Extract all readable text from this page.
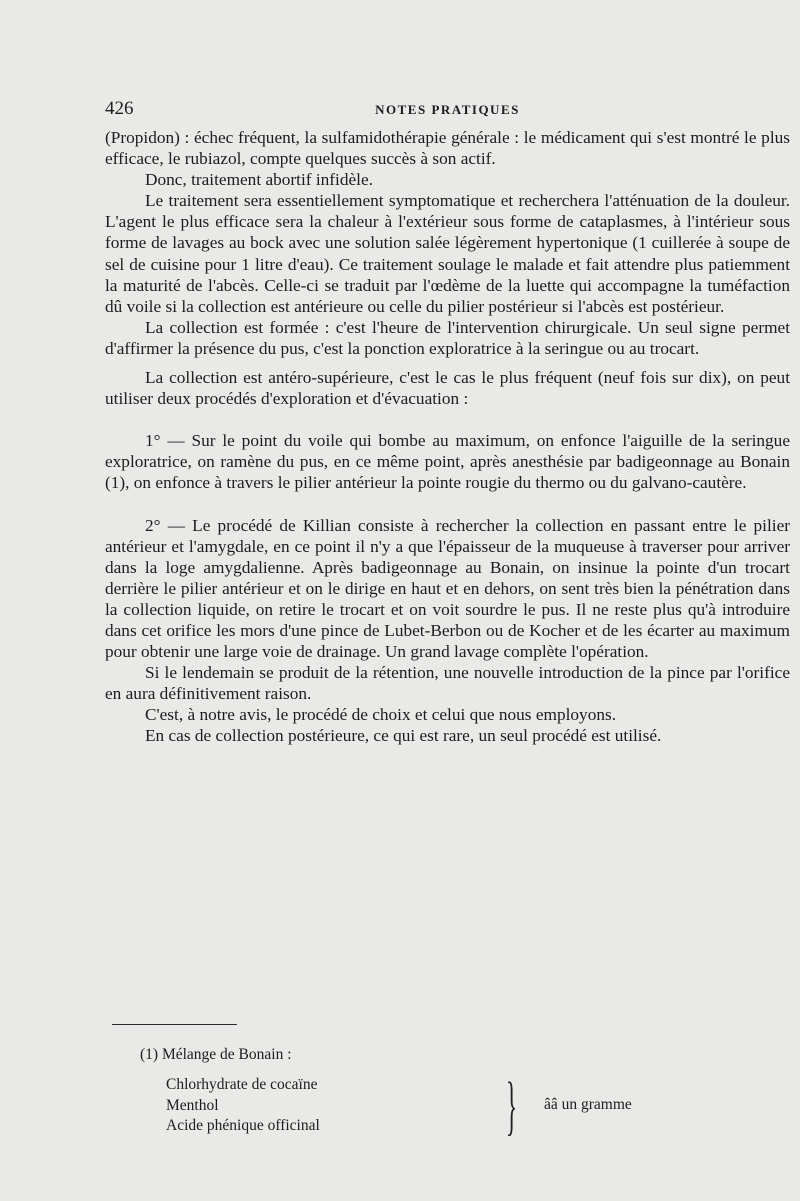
426	NOTES PRATIQUES

(Propidon) : échec fréquent, la sulfamidothérapie générale : le médicament qui s'est montré le plus efficace, le rubiazol, compte quelques succès à son actif.

Donc, traitement abortif infidèle.

Le traitement sera essentiellement symptomatique et recherchera l'atténuation de la douleur. L'agent le plus efficace sera la chaleur à l'extérieur sous forme de cataplasmes, à l'intérieur sous forme de lavages au bock avec une solution salée légèrement hypertonique (1 cuillerée à soupe de sel de cuisine pour 1 litre d'eau). Ce traitement soulage le malade et fait attendre plus patiemment la maturité de l'abcès. Celle-ci se traduit par l'œdème de la luette qui accompagne la tuméfaction dû voile si la collection est antérieure ou celle du pilier postérieur si l'abcès est postérieur.

La collection est formée : c'est l'heure de l'intervention chirurgicale. Un seul signe permet d'affirmer la présence du pus, c'est la ponction exploratrice à la seringue ou au trocart.

La collection est antéro-supérieure, c'est le cas le plus fréquent (neuf fois sur dix), on peut utiliser deux procédés d'exploration et d'évacuation :

1° — Sur le point du voile qui bombe au maximum, on enfonce l'aiguille de la seringue exploratrice, on ramène du pus, en ce même point, après anesthésie par badigeonnage au Bonain (1), on enfonce à travers le pilier antérieur la pointe rougie du thermo ou du galvano-cautère.

2° — Le procédé de Killian consiste à rechercher la collection en passant entre le pilier antérieur et l'amygdale, en ce point il n'y a que l'épaisseur de la muqueuse à traverser pour arriver dans la loge amygdalienne. Après badigeonnage au Bonain, on insinue la pointe d'un trocart derrière le pilier antérieur et on le dirige en haut et en dehors, on sent très bien la pénétration dans la collection liquide, on retire le trocart et on voit sourdre le pus. Il ne reste plus qu'à introduire dans cet orifice les mors d'une pince de Lubet-Berbon ou de Kocher et de les écarter au maximum pour obtenir une large voie de drainage. Un grand lavage complète l'opération.

Si le lendemain se produit de la rétention, une nouvelle introduction de la pince par l'orifice en aura définitivement raison.

C'est, à notre avis, le procédé de choix et celui que nous employons.

En cas de collection postérieure, ce qui est rare, un seul procédé est utilisé.

(1) Mélange de Bonain :

Chlorhydrate de cocaïne
Menthol
Acide phénique officinal	} ââ un gramme
